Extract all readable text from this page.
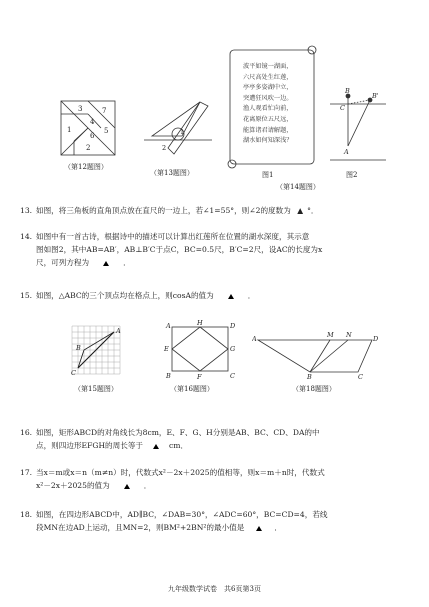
3	7
4
5
1
6
2
（第12题图）
1
2
（第13题图）
波平如镜一湖面，
六尺高处生红莲，
亭亭多姿湖中立，
突遭狂风吹一边。
渔人观看忙向前，
花离原位五尺远，
能算诸君请解题，
湖水如何知深浅？
图1
B
B'
C
A
图2
（第14题图）
13. 如图，将三角板的直角顶点放在直尺的一边上，若∠1=55°，则∠2的度数为 ▲ °．
14. 如图中有一首古诗，根据诗中的描述可以计算出红莲所在位置的湖水深度，其示意
图如图2，其中AB=AB′，AB⊥B′C于点C，BC=0.5尺，B′C=2尺，设AC的长度为x
尺，可列方程为	．
15. 如图，△ABC的三个顶点均在格点上，则cosA的值为	．
A
B
C
（第15题图）
A	H	D
E	G
B	F	C
（第16题图）
A	M N	D
B	C
（第18题图）
16. 如图，矩形ABCD的对角线长为8cm，E、F、G、H分别是AB、BC、CD、DA的中
点，则四边形EFGH的周长等于	cm．
17. 当x＝m或x＝n（m≠n）时，代数式x²－2x＋2025的值相等，则x＝m＋n时，代数式
x²－2x＋2025的值为	．
18. 如图，在四边形ABCD中，AD∥BC，∠DAB=30°，∠ADC=60°，BC=CD=4，若线
段MN在边AD上运动，且MN=2，则BM²+2BN²的最小值是	．
九年级数学试卷　共6页第3页
